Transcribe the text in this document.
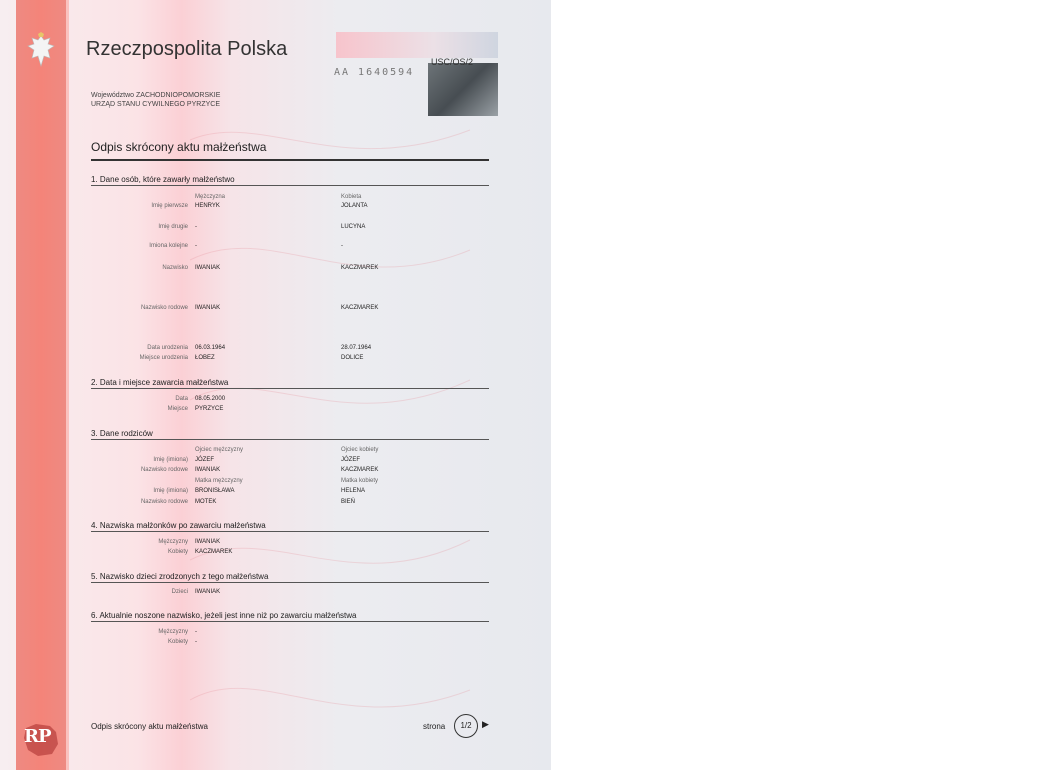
Rzeczpospolita Polska
Województwo ZACHODNIOPOMORSKIE
URZĄD STANU CYWILNEGO PYRZYCE
USC/OS/2
AA 1640594
Odpis skrócony aktu małżeństwa
1. Dane osób, które zawarły małżeństwo
Mężczyzna	Kobieta
Imię pierwsze HENRYK	JOLANTA
Imię drugie -	LUCYNA
Imiona kolejne -	-
Nazwisko IWANIAK	KACZMAREK
Nazwisko rodowe IWANIAK	KACZMAREK
Data urodzenia 06.03.1964	28.07.1964
Miejsce urodzenia ŁOBEZ	DOLICE
2. Data i miejsce zawarcia małżeństwa
Data 08.05.2000
Miejsce PYRZYCE
3. Dane rodziców
Ojciec mężczyzny	Ojciec kobiety
Imię (imiona) JÓZEF	JÓZEF
Nazwisko rodowe IWANIAK	KACZMAREK
Matka mężczyzny	Matka kobiety
Imię (imiona) BRONISŁAWA	HELENA
Nazwisko rodowe MOTEK	BIEŃ
4. Nazwiska małżonków po zawarciu małżeństwa
Mężczyzny IWANIAK
Kobiety KACZMAREK
5. Nazwisko dzieci zrodzonych z tego małżeństwa
Dzieci IWANIAK
6. Aktualnie noszone nazwisko, jeżeli jest inne niż po zawarciu małżeństwa
Mężczyzny -
Kobiety -
RP	Odpis skrócony aktu małżeństwa	strona	1/2	▶
